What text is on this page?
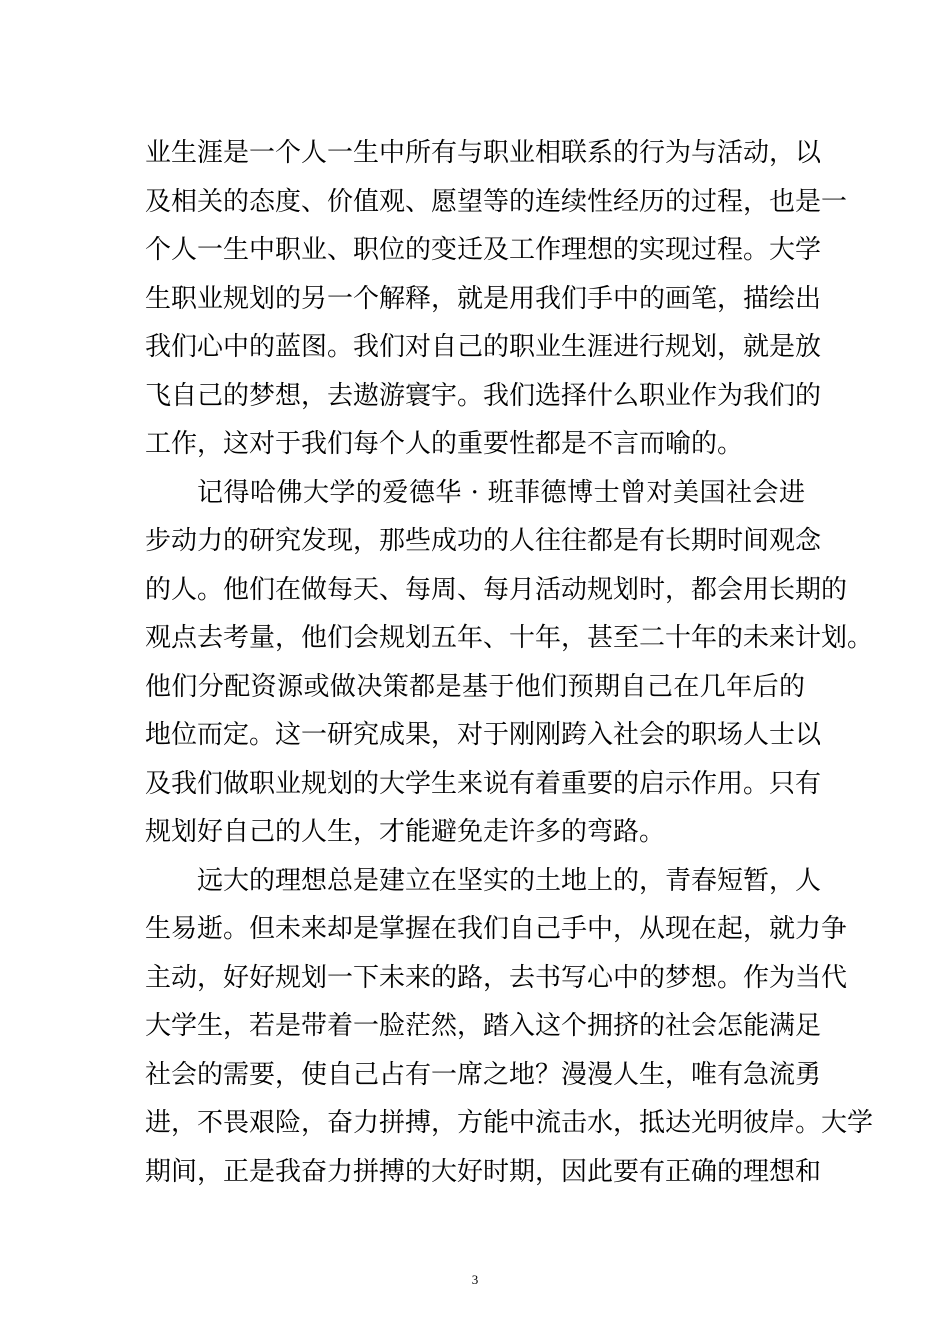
业生涯是一个人一生中所有与职业相联系的行为与活动，以
及相关的态度、价值观、愿望等的连续性经历的过程，也是一
个人一生中职业、职位的变迁及工作理想的实现过程。大学
生职业规划的另一个解释，就是用我们手中的画笔，描绘出
我们心中的蓝图。我们对自己的职业生涯进行规划，就是放
飞自己的梦想，去遨游寰宇。我们选择什么职业作为我们的
工作，这对于我们每个人的重要性都是不言而喻的。
记得哈佛大学的爱德华 · 班菲德博士曾对美国社会进
步动力的研究发现，那些成功的人往往都是有长期时间观念
的人。他们在做每天、每周、每月活动规划时，都会用长期的
观点去考量，他们会规划五年、十年，甚至二十年的未来计划。
他们分配资源或做决策都是基于他们预期自己在几年后的
地位而定。这一研究成果，对于刚刚跨入社会的职场人士以
及我们做职业规划的大学生来说有着重要的启示作用。只有
规划好自己的人生，才能避免走许多的弯路。
远大的理想总是建立在坚实的土地上的，青春短暂，人
生易逝。但未来却是掌握在我们自己手中，从现在起，就力争
主动，好好规划一下未来的路，去书写心中的梦想。作为当代
大学生，若是带着一脸茫然，踏入这个拥挤的社会怎能满足
社会的需要，使自己占有一席之地？漫漫人生，唯有急流勇
进，不畏艰险，奋力拼搏，方能中流击水，抵达光明彼岸。大学
期间，正是我奋力拼搏的大好时期，因此要有正确的理想和
3
